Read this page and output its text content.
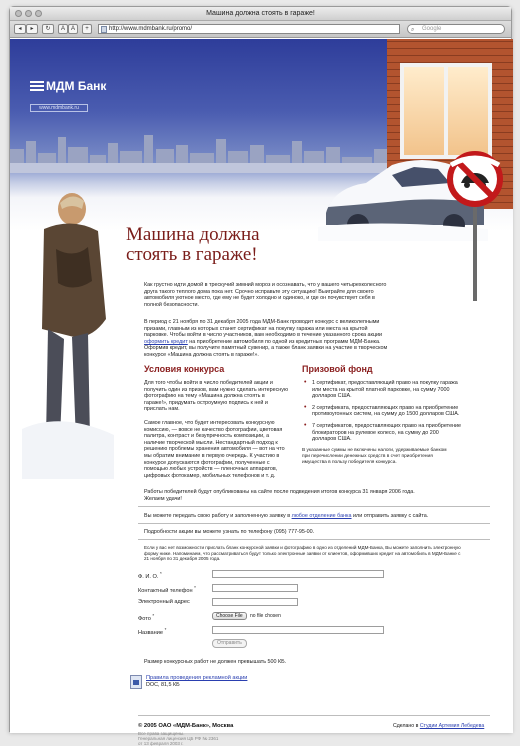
Машина должна стоять в гараже!
◂	▸	↻	A A	+	http://www.mdmbank.ru/promo/	⌕ Google
МДМ Банк
www.mdmbank.ru
Машина должна стоять в гараже!
Как грустно идти домой в трескучий зимний мороз и осознавать, что у вашего четырехколесного друга такого теплого дома пока нет. Срочно исправьте эту ситуацию! Выиграйте для своего автомобиля уютное место, где ему не будет холодно и одиноко, и где он почувствует себя в полной безопасности.
В период с 21 ноября по 31 декабря 2005 года МДМ-Банк проводит конкурс с великолепными призами, главным из которых станет сертификат на покупку гаража или места на крытой парковке. Чтобы войти в число участников, вам необходимо в течение указанного срока акции оформить кредит на приобретение автомобиля по одной из кредитных программ МДМ-Банка. Оформив кредит, вы получите памятный сувенир, а также бланк заявки на участие в творческом конкурсе «Машина должна стоять в гараже!».
Условия конкурса
Для того чтобы войти в число победителей акции и получить один из призов, вам нужно сделать интересную фотографию на тему «Машина должна стоять в гараже!», придумать остроумную подпись к ней и прислать нам.
Самое главное, что будет интересовать конкурсную комиссию, — вовсе не качество фотографии, цветовая палитра, контраст и безупречность композиции, а наличие творческой мысли. Нестандартный подход к решению проблемы хранения автомобиля — вот на что мы обратим внимание в первую очередь. К участию в конкурсе допускаются фотографии, полученные с помощью любых устройств — пленочных аппаратов, цифровых фотокамер, мобильных телефонов и т. д.
Призовой фонд
• 1 сертификат, предоставляющий право на покупку гаража или места на крытой платной парковке, на сумму 7000 долларов США.
• 2 сертификата, предоставляющих право на приобретение противоугонных систем, на сумму до 1500 долларов США.
• 7 сертификатов, предоставляющих право на приобретение блокираторов на рулевое колесо, на сумму до 200 долларов США.
В указанные суммы не включены налоги, удерживаемые банком при перечислении денежных средств в счет приобретения имущества в пользу победителя конкурса.
Работы победителей будут опубликованы на сайте после подведения итогов конкурса 31 января 2006 года. Желаем удачи!
Вы можете передать свою работу и заполненную заявку в любое отделение банка или отправить заявку с сайта.
Подробности акции вы можете узнать по телефону (095) 777-95-00.
Если у вас нет возможности прислать бланк конкурсной заявки и фотографию в одно из отделений МДМ-Банка, Вы можете заполнить электронную форму ниже. Напоминаем, что рассматриваться будут только электронные заявки от клиентов, оформивших кредит на автомобиль в МДМ-Банке с 21 ноября по 31 декабря 2005 года.
Ф. И. О. *
Контактный телефон *
Электронный адрес
Фото *	Choose File	no file chosen
Название *
Отправить
Размер конкурсных работ не должен превышать 500 КБ.
Правила проведения рекламной акции
DOC, 81,5 КБ
© 2005 ОАО «МДМ-Банк», Москва
Все права защищены.
Генеральная лицензия ЦБ РФ № 2361
от 13 февраля 2003 г.
Сделано в Студии Артемия Лебедева
